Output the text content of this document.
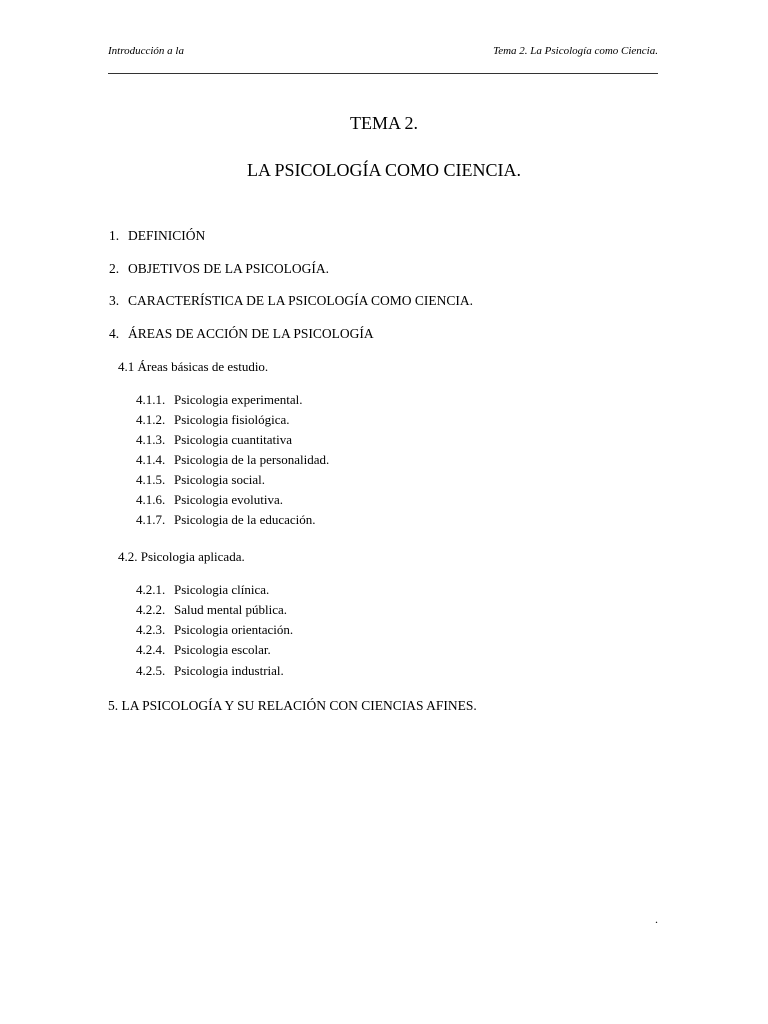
Introducción a la	Tema 2. La Psicología como Ciencia.
TEMA 2.
LA PSICOLOGÍA COMO CIENCIA.
1. DEFINICIÓN
2. OBJETIVOS DE LA PSICOLOGÍA.
3. CARACTERÍSTICA DE LA PSICOLOGÍA COMO CIENCIA.
4. ÁREAS DE ACCIÓN DE LA PSICOLOGÍA
4.1 Áreas básicas de estudio.
4.1.1. Psicologia experimental.
4.1.2. Psicologia fisiológica.
4.1.3. Psicologia cuantitativa
4.1.4. Psicologia de la personalidad.
4.1.5. Psicologia social.
4.1.6. Psicologia evolutiva.
4.1.7. Psicologia de la educación.
4.2. Psicologia aplicada.
4.2.1. Psicologia clínica.
4.2.2. Salud mental pública.
4.2.3. Psicologia orientación.
4.2.4. Psicologia escolar.
4.2.5. Psicologia industrial.
5. LA PSICOLOGÍA Y SU RELACIÓN CON CIENCIAS AFINES.
.
